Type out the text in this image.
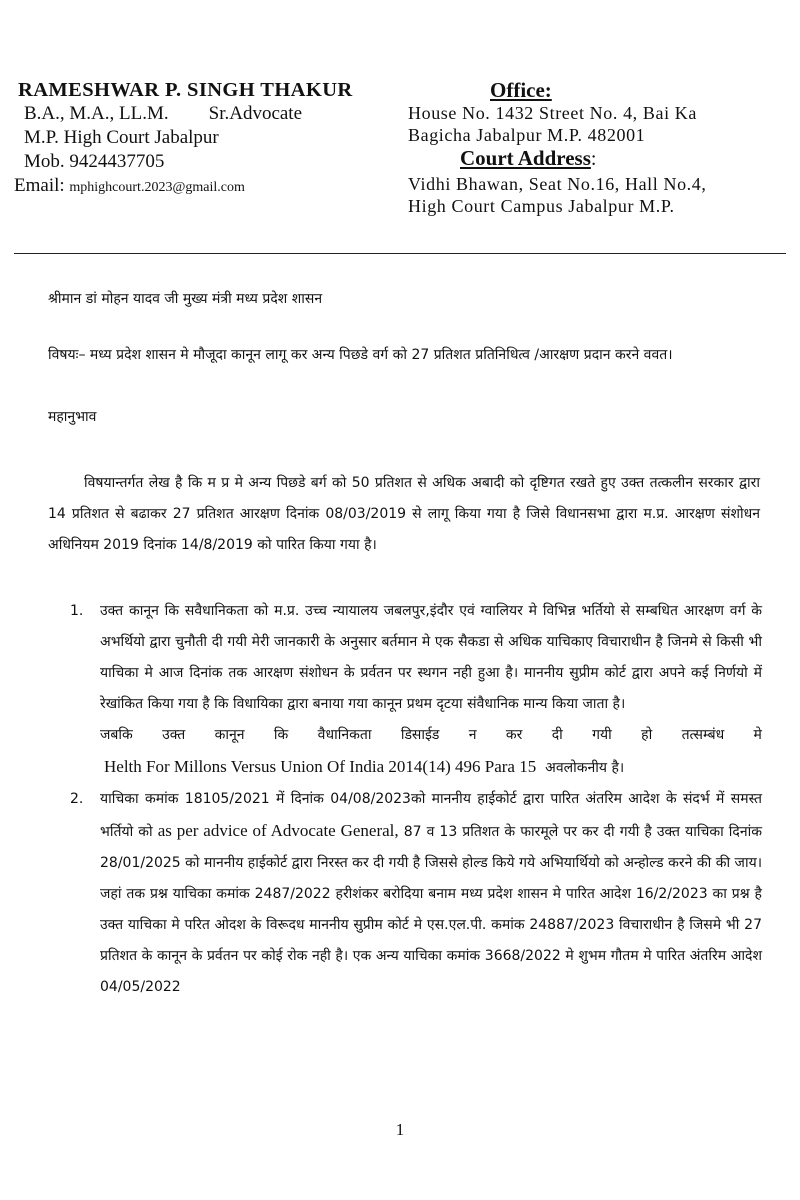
RAMESHWAR P. SINGH THAKUR
B.A., M.A., LL.M. Sr.Advocate
M.P. High Court Jabalpur
Mob. 9424437705
Email: mphighcourt.2023@gmail.com
Office:
House No. 1432 Street No. 4, Bai Ka
Bagicha Jabalpur M.P. 482001
Court Address:
Vidhi Bhawan, Seat No.16, Hall No.4,
High Court Campus Jabalpur M.P.
श्रीमान डां मोहन यादव जी मुख्य मंत्री मध्य प्रदेश शासन
विषयः– मध्य प्रदेश शासन मे मौजूदा कानून लागू कर अन्य पिछडे वर्ग को 27 प्रतिशत प्रतिनिधित्व /आरक्षण प्रदान करने ववत।
महानुभाव
विषयान्तर्गत लेख है कि म प्र मे अन्य पिछडे बर्ग को 50 प्रतिशत से अधिक अबादी को दृष्टिगत रखते हुए उक्त तत्कलीन सरकार द्वारा 14 प्रतिशत से बढाकर 27 प्रतिशत आरक्षण दिनांक 08/03/2019 से लागू किया गया है जिसे विधानसभा द्वारा म.प्र. आरक्षण संशोधन अधिनियम 2019 दिनांक 14/8/2019 को पारित किया गया है।
1. उक्त कानून कि सवैधानिकता को म.प्र. उच्च न्यायालय जबलपुर,इंदौर एवं ग्वालियर मे विभिन्न भर्तियो से सम्बधित आरक्षण वर्ग के अभर्थियो द्वारा चुनौती दी गयी मेरी जानकारी के अनुसार बर्तमान मे एक सैकडा से अधिक याचिकाए विचाराधीन है जिनमे से किसी भी याचिका मे आज दिनांक तक आरक्षण संशोधन के प्रर्वतन पर स्थगन नही हुआ है। माननीय सुप्रीम कोर्ट द्वारा अपने कई निर्णयो में रेखांकित किया गया है कि विधायिका द्वारा बनाया गया कानून प्रथम दृटया संवैधानिक मान्य किया जाता है।
जबकि उक्त कानून कि वैधानिकता डिसाईड न कर दी गयी हो तत्सम्बंध मे
Helth For Millons Versus Union Of India 2014(14) 496 Para 15 अवलोकनीय है।
2. याचिका कमांक 18105/2021 में दिनांक 04/08/2023को माननीय हाईकोर्ट द्वारा पारित अंतरिम आदेश के संदर्भ में समस्त भर्तियो को as per advice of Advocate General, 87 व 13 प्रतिशत के फारमूले पर कर दी गयी है उक्त याचिका दिनांक 28/01/2025 को माननीय हाईकोर्ट द्वारा निरस्त कर दी गयी है जिससे होल्ड किये गये अभियार्थियो को अन्होल्ड करने की की जाय। जहां तक प्रश्न याचिका कमांक 2487/2022 हरीशंकर बरोदिया बनाम मध्य प्रदेश शासन मे पारित आदेश 16/2/2023 का प्रश्न है उक्त याचिका मे परित ओदश के विरूदध माननीय सुप्रीम कोर्ट मे एस.एल.पी. कमांक 24887/2023 विचाराधीन है जिसमे भी 27 प्रतिशत के कानून के प्रर्वतन पर कोई रोक नही है। एक अन्य याचिका कमांक 3668/2022 मे शुभम गौतम मे पारित अंतरिम आदेश 04/05/2022
1
